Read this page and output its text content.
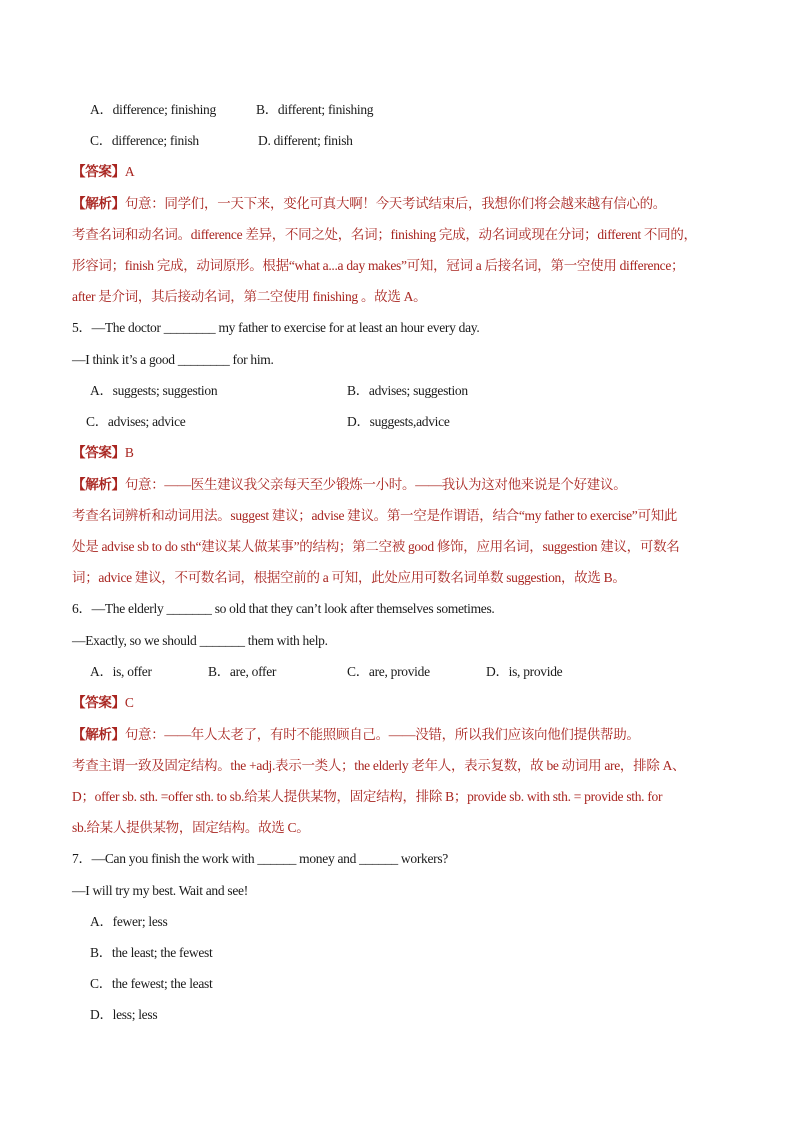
A．difference; finishing	B．different; finishing
C．difference; finish	D. different; finish
【答案】A
【解析】句意：同学们，一天下来，变化可真大啊！今天考试结束后，我想你们将会越来越有信心的。
考查名词和动名词。difference 差异，不同之处，名词；finishing 完成，动名词或现在分词；different 不同的，
形容词；finish 完成，动词原形。根据“what a...a day makes”可知，冠词 a 后接名词，第一空使用 difference；
after 是介词，其后接动名词，第二空使用 finishing 。故选 A。
5．—The doctor ________ my father to exercise for at least an hour every day.
—I think it’s a good ________ for him.
A．suggests; suggestion	B．advises; suggestion
C．advises; advice	D．suggests,advice
【答案】B
【解析】句意：——医生建议我父亲每天至少锻炼一小时。——我认为这对他来说是个好建议。
考查名词辨析和动词用法。suggest 建议；advise 建议。第一空是作谓语，结合“my father to exercise”可知此
处是 advise sb to do sth“建议某人做某事”的结构；第二空被 good 修饰，应用名词，suggestion 建议，可数名
词；advice 建议，不可数名词，根据空前的 a 可知，此处应用可数名词单数 suggestion，故选 B。
6．—The elderly _______ so old that they can’t look after themselves sometimes.
—Exactly, so we should _______ them with help.
A．is, offer	B．are, offer	C．are, provide	D．is, provide
【答案】C
【解析】句意：——年人太老了，有时不能照顾自己。——没错，所以我们应该向他们提供帮助。
考查主谓一致及固定结构。the +adj.表示一类人；the elderly 老年人，表示复数，故 be 动词用 are，排除 A、
D；offer sb. sth. =offer sth. to sb.给某人提供某物，固定结构，排除 B；provide sb. with sth. = provide sth. for
sb.给某人提供某物，固定结构。故选 C。
7．—Can you finish the work with ______ money and ______ workers?
—I will try my best. Wait and see!
A．fewer; less
B．the least; the fewest
C．the fewest; the least
D．less; less
